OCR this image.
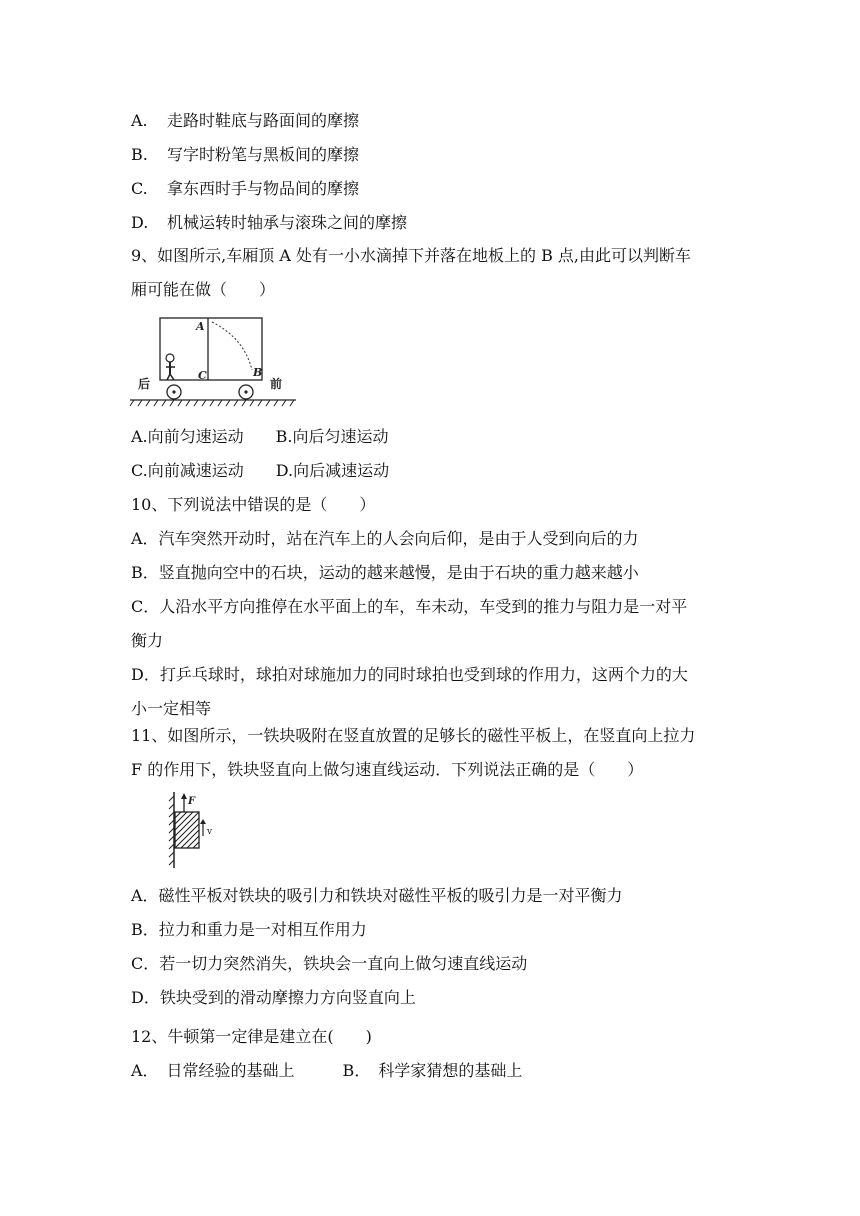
A. 走路时鞋底与路面间的摩擦
B. 写字时粉笔与黑板间的摩擦
C. 拿东西时手与物品间的摩擦
D. 机械运转时轴承与滚珠之间的摩擦
9、如图所示,车厢顶 A 处有一小水滴掉下并落在地板上的 B 点,由此可以判断车
厢可能在做（　　）
A
C	B
后	前
A.向前匀速运动　　B.向后匀速运动
C.向前减速运动　　D.向后减速运动
10、下列说法中错误的是（　　）
A．汽车突然开动时，站在汽车上的人会向后仰，是由于人受到向后的力
B．竖直抛向空中的石块，运动的越来越慢，是由于石块的重力越来越小
C．人沿水平方向推停在水平面上的车，车未动，车受到的推力与阻力是一对平
衡力
D．打乒乓球时，球拍对球施加力的同时球拍也受到球的作用力，这两个力的大
小一定相等
11、如图所示，一铁块吸附在竖直放置的足够长的磁性平板上，在竖直向上拉力
F 的作用下，铁块竖直向上做匀速直线运动．下列说法正确的是（　　）
F
v
A．磁性平板对铁块的吸引力和铁块对磁性平板的吸引力是一对平衡力
B．拉力和重力是一对相互作用力
C．若一切力突然消失，铁块会一直向上做匀速直线运动
D．铁块受到的滑动摩擦力方向竖直向上
12、牛顿第一定律是建立在(　　)
A．　日常经验的基础上　　　B．　科学家猜想的基础上
